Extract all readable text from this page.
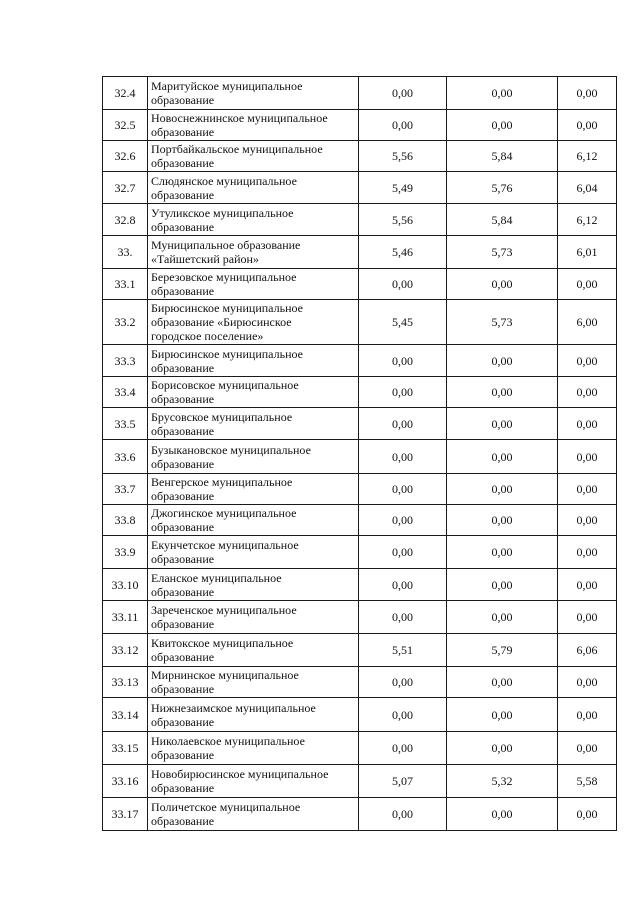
32.4	Маритуйское муниципальное
образование	0,00	0,00	0,00
32.5	Новоснежнинское муниципальное
образование	0,00	0,00	0,00
32.6	Портбайкальское муниципальное
образование	5,56	5,84	6,12
32.7	Слюдянское муниципальное
образование	5,49	5,76	6,04
32.8	Утуликское муниципальное
образование	5,56	5,84	6,12
33.	Муниципальное образование
«Тайшетский район»	5,46	5,73	6,01
33.1	Березовское муниципальное
образование	0,00	0,00	0,00
33.2	Бирюсинское муниципальное
образование «Бирюсинское
городское поселение»	5,45	5,73	6,00
33.3	Бирюсинское муниципальное
образование	0,00	0,00	0,00
33.4	Борисовское муниципальное
образование	0,00	0,00	0,00
33.5	Брусовское муниципальное
образование	0,00	0,00	0,00
33.6	Бузыкановское муниципальное
образование	0,00	0,00	0,00
33.7	Венгерское муниципальное
образование	0,00	0,00	0,00
33.8	Джогинское муниципальное
образование	0,00	0,00	0,00
33.9	Екунчетское муниципальное
образование	0,00	0,00	0,00
33.10	Еланское муниципальное
образование	0,00	0,00	0,00
33.11	Зареченское муниципальное
образование	0,00	0,00	0,00
33.12	Квитокское муниципальное
образование	5,51	5,79	6,06
33.13	Мирнинское муниципальное
образование	0,00	0,00	0,00
33.14	Нижнезаимское муниципальное
образование	0,00	0,00	0,00
33.15	Николаевское муниципальное
образование	0,00	0,00	0,00
33.16	Новобирюсинское муниципальное
образование	5,07	5,32	5,58
33.17	Поличетское муниципальное
образование	0,00	0,00	0,00
